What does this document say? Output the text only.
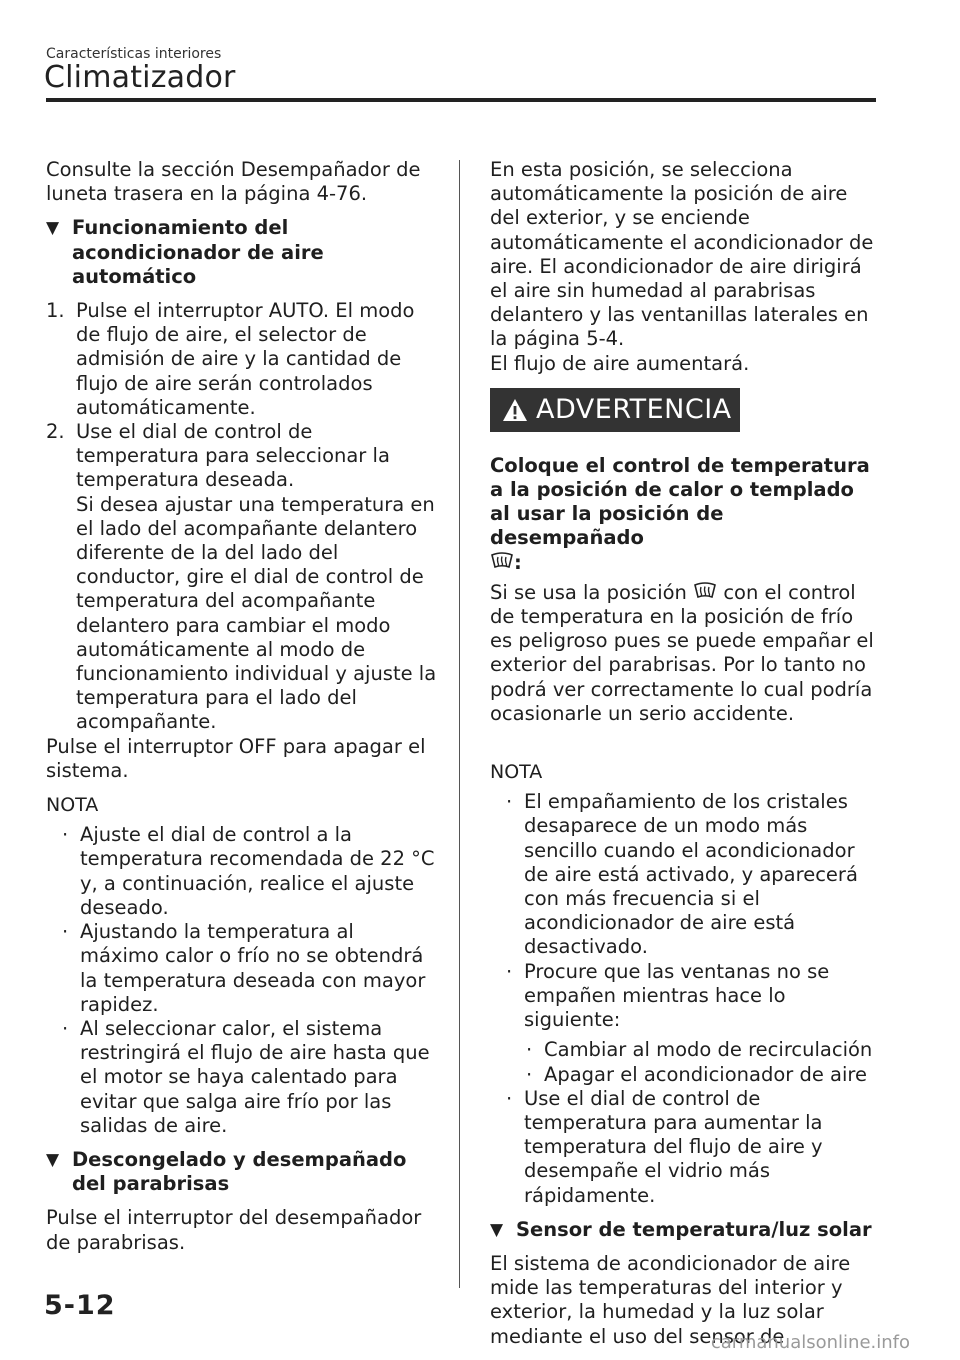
Características interiores
Climatizador

Consulte la sección Desempañador de luneta trasera en la página 4-76.

▼ Funcionamiento del acondicionador de aire automático
1. Pulse el interruptor AUTO. El modo de flujo de aire, el selector de admisión de aire y la cantidad de flujo de aire serán controlados automáticamente.
2. Use el dial de control de temperatura para seleccionar la temperatura deseada.
Si desea ajustar una temperatura en el lado del acompañante delantero diferente de la del lado del conductor, gire el dial de control de temperatura del acompañante delantero para cambiar el modo automáticamente al modo de funcionamiento individual y ajuste la temperatura para el lado del acompañante.

Pulse el interruptor OFF para apagar el sistema.

NOTA

· Ajuste el dial de control a la temperatura recomendada de 22 °C y, a continuación, realice el ajuste deseado.
· Ajustando la temperatura al máximo calor o frío no se obtendrá la temperatura deseada con mayor rapidez.
· Al seleccionar calor, el sistema restringirá el flujo de aire hasta que el motor se haya calentado para evitar que salga aire frío por las salidas de aire.
▼ Descongelado y desempañado del parabrisas

Pulse el interruptor del desempañador de parabrisas.

En esta posición, se selecciona automáticamente la posición de aire del exterior, y se enciende automáticamente el acondicionador de aire. El acondicionador de aire dirigirá el aire sin humedad al parabrisas delantero y las ventanillas laterales en la página 5-4.

El flujo de aire aumentará.

ADVERTENCIA

Coloque el control de temperatura a la posición de calor o templado al usar la posición de desempañado
:

Si se usa la posición con el control de temperatura en la posición de frío es peligroso pues se puede empañar el exterior del parabrisas. Por lo tanto no podrá ver correctamente lo cual podría ocasionarle un serio accidente.

NOTA

· El empañamiento de los cristales desaparece de un modo más sencillo cuando el acondicionador de aire está activado, y aparecerá con más frecuencia si el acondicionador de aire está desactivado.
· Procure que las ventanas no se empañen mientras hace lo siguiente:
· Cambiar al modo de recirculación
· Apagar el acondicionador de aire
· Use el dial de control de temperatura para aumentar la temperatura del flujo de aire y desempañe el vidrio más rápidamente.
▼ Sensor de temperatura/luz solar

El sistema de acondicionador de aire mide las temperaturas del interior y exterior, la humedad y la luz solar mediante el uso del sensor de

5-12
carmanualsonline.info
